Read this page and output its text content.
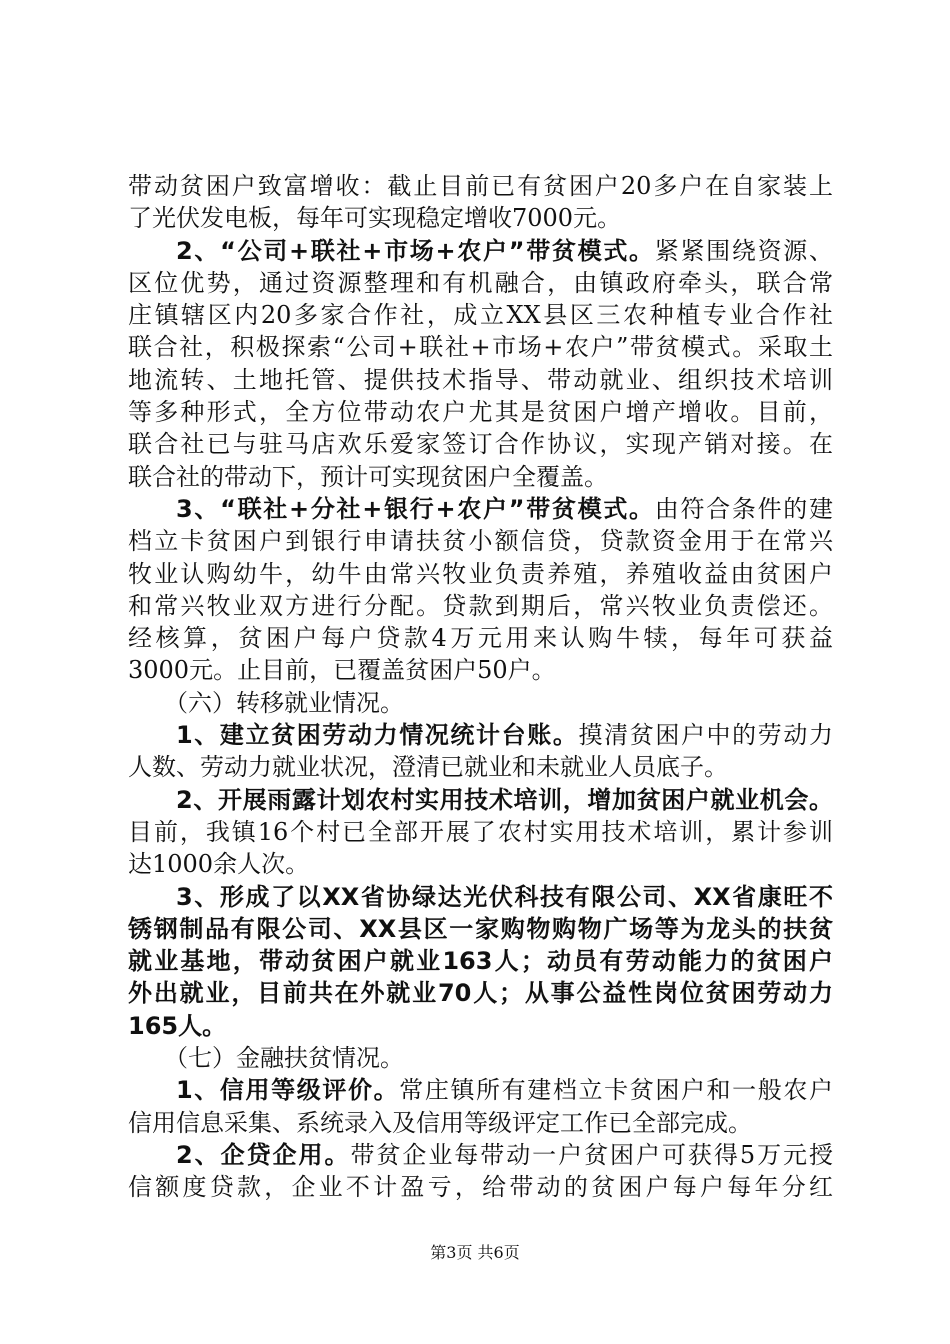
带动贫困户致富增收：截止目前已有贫困户20多户在自家装上
了光伏发电板，每年可实现稳定增收7000元。
2、“公司+联社+市场+农户”带贫模式。紧紧围绕资源、
区位优势，通过资源整理和有机融合，由镇政府牵头，联合常
庄镇辖区内20多家合作社，成立XX县区三农种植专业合作社
联合社，积极探索“公司+联社+市场+农户”带贫模式。采取土
地流转、土地托管、提供技术指导、带动就业、组织技术培训
等多种形式，全方位带动农户尤其是贫困户增产增收。目前，
联合社已与驻马店欢乐爱家签订合作协议，实现产销对接。在
联合社的带动下，预计可实现贫困户全覆盖。
3、“联社+分社+银行+农户”带贫模式。由符合条件的建
档立卡贫困户到银行申请扶贫小额信贷，贷款资金用于在常兴
牧业认购幼牛，幼牛由常兴牧业负责养殖，养殖收益由贫困户
和常兴牧业双方进行分配。贷款到期后，常兴牧业负责偿还。
经核算，贫困户每户贷款4万元用来认购牛犊，每年可获益
3000元。止目前，已覆盖贫困户50户。
（六）转移就业情况。
1、建立贫困劳动力情况统计台账。摸清贫困户中的劳动力
人数、劳动力就业状况，澄清已就业和未就业人员底子。
2、开展雨露计划农村实用技术培训，增加贫困户就业机会。
目前，我镇16个村已全部开展了农村实用技术培训，累计参训
达1000余人次。
3、形成了以XX省协绿达光伏科技有限公司、XX省康旺不
锈钢制品有限公司、XX县区一家购物购物广场等为龙头的扶贫
就业基地，带动贫困户就业163人；动员有劳动能力的贫困户
外出就业，目前共在外就业70人；从事公益性岗位贫困劳动力
165人。
（七）金融扶贫情况。
1、信用等级评价。常庄镇所有建档立卡贫困户和一般农户
信用信息采集、系统录入及信用等级评定工作已全部完成。
2、企贷企用。带贫企业每带动一户贫困户可获得5万元授
信额度贷款，企业不计盈亏，给带动的贫困户每户每年分红
第3页 共6页
